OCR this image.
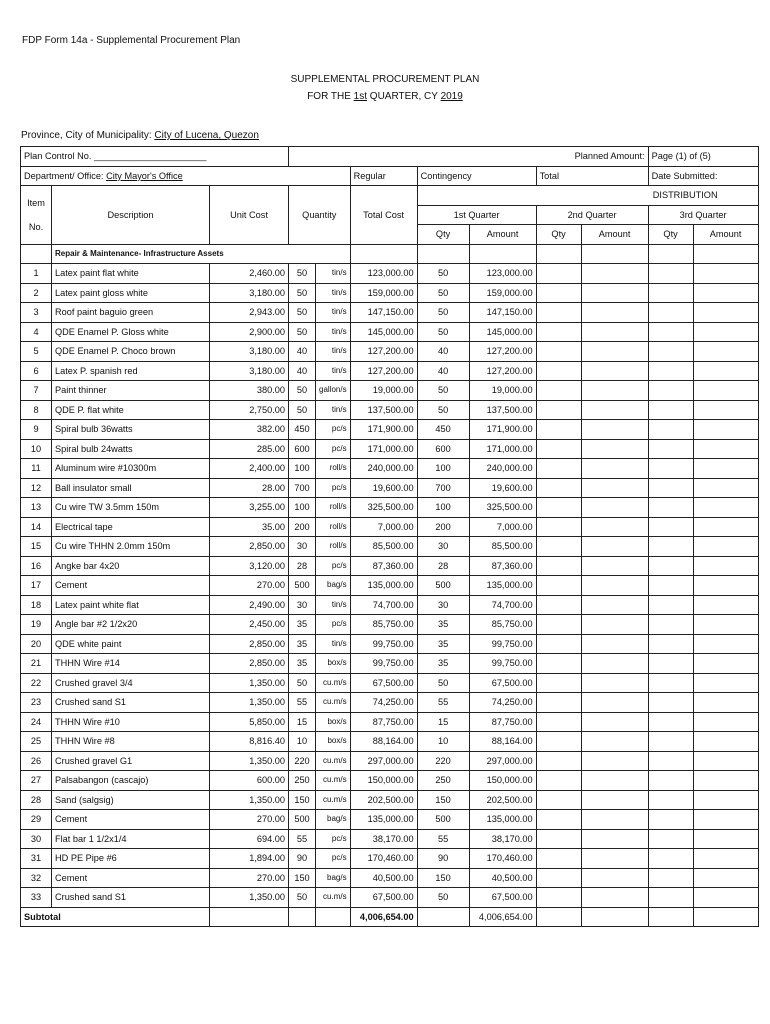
FDP Form 14a - Supplemental Procurement Plan
SUPPLEMENTAL PROCUREMENT PLAN
FOR THE 1st QUARTER, CY 2019
Province, City of Municipality: City of Lucena, Quezon
Plan Control No. ______________________			Planned Amount:							Page (1) of (5)	
Department/ Office: City Mayor's Office					Regular	Contingency		Total		Date Submitted:	
Item

No.	Description	Unit Cost	Quantity		Total Cost	DISTRIBUTION					
						1st Quarter		2nd Quarter		3rd Quarter	
						Qty	Amount	Qty	Amount	Qty	Amount
	Repair & Maintenance- Infrastructure Assets										
1	Latex paint flat white	2,460.00	50	tin/s	123,000.00	50	123,000.00				
2	Latex paint gloss white	3,180.00	50	tin/s	159,000.00	50	159,000.00				
3	Roof paint baguio green	2,943.00	50	tin/s	147,150.00	50	147,150.00				
4	QDE Enamel P. Gloss white	2,900.00	50	tin/s	145,000.00	50	145,000.00				
5	QDE Enamel P. Choco brown	3,180.00	40	tin/s	127,200.00	40	127,200.00				
6	Latex P. spanish red	3,180.00	40	tin/s	127,200.00	40	127,200.00				
7	Paint thinner	380.00	50	gallon/s	19,000.00	50	19,000.00				
8	QDE P. flat white	2,750.00	50	tin/s	137,500.00	50	137,500.00				
9	Spiral bulb 36watts	382.00	450	pc/s	171,900.00	450	171,900.00				
10	Spiral bulb 24watts	285.00	600	pc/s	171,000.00	600	171,000.00				
11	Aluminum wire #10300m	2,400.00	100	roll/s	240,000.00	100	240,000.00				
12	Ball insulator small	28.00	700	pc/s	19,600.00	700	19,600.00				
13	Cu wire TW 3.5mm 150m	3,255.00	100	roll/s	325,500.00	100	325,500.00				
14	Electrical tape	35.00	200	roll/s	7,000.00	200	7,000.00				
15	Cu wire THHN 2.0mm 150m	2,850.00	30	roll/s	85,500.00	30	85,500.00				
16	Angke bar 4x20	3,120.00	28	pc/s	87,360.00	28	87,360.00				
17	Cement	270.00	500	bag/s	135,000.00	500	135,000.00				
18	Latex paint white flat	2,490.00	30	tin/s	74,700.00	30	74,700.00				
19	Angle bar #2 1/2x20	2,450.00	35	pc/s	85,750.00	35	85,750.00				
20	QDE white paint	2,850.00	35	tin/s	99,750.00	35	99,750.00				
21	THHN Wire #14	2,850.00	35	box/s	99,750.00	35	99,750.00				
22	Crushed gravel 3/4	1,350.00	50	cu.m/s	67,500.00	50	67,500.00				
23	Crushed sand S1	1,350.00	55	cu.m/s	74,250.00	55	74,250.00				
24	THHN Wire #10	5,850.00	15	box/s	87,750.00	15	87,750.00				
25	THHN Wire #8	8,816.40	10	box/s	88,164.00	10	88,164.00				
26	Crushed gravel G1	1,350.00	220	cu.m/s	297,000.00	220	297,000.00				
27	Palsabangon (cascajo)	600.00	250	cu.m/s	150,000.00	250	150,000.00				
28	Sand (salgsig)	1,350.00	150	cu.m/s	202,500.00	150	202,500.00				
29	Cement	270.00	500	bag/s	135,000.00	500	135,000.00				
30	Flat bar 1 1/2x1/4	694.00	55	pc/s	38,170.00	55	38,170.00				
31	HD PE Pipe #6	1,894.00	90	pc/s	170,460.00	90	170,460.00				
32	Cement	270.00	150	bag/s	40,500.00	150	40,500.00				
33	Crushed sand S1	1,350.00	50	cu.m/s	67,500.00	50	67,500.00				
Subtotal					4,006,654.00		4,006,654.00				
